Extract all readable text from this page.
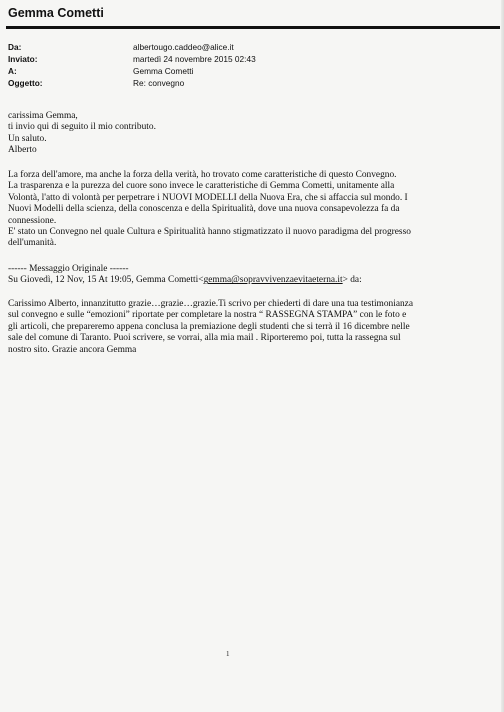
Gemma Cometti
Da:	albertougo.caddeo@alice.it
Inviato:	martedì 24 novembre 2015 02:43
A:	Gemma Cometti
Oggetto:	Re: convegno
carissima Gemma,
ti invio qui di seguito il mio contributo.
Un saluto.
Alberto
La forza dell'amore, ma anche la forza della verità, ho trovato come caratteristiche di questo Convegno.
La trasparenza e la purezza del cuore sono invece le caratteristiche di Gemma Cometti, unitamente alla
Volontà, l'atto di volontà per perpetrare i NUOVI MODELLI della Nuova Era, che si affaccia sul mondo. I
Nuovi Modelli della scienza, della conoscenza e della Spiritualità, dove una nuova consapevolezza fa da
connessione.
E' stato un Convegno nel quale Cultura e Spiritualità hanno stigmatizzato il nuovo paradigma del progresso
dell'umanità.
------ Messaggio Originale ------
Su Giovedì, 12 Nov, 15 At 19:05, Gemma Cometti<gemma@sopravvivenzaevitaeterna.it> da:
Carissimo Alberto, innanzitutto grazie…grazie…grazie.Ti scrivo per chiederti di dare una tua testimonianza
sul convegno e sulle “emozioni” riportate per completare la nostra “ RASSEGNA STAMPA” con le foto e
gli articoli, che prepareremo appena conclusa la premiazione degli studenti che si terrà il 16 dicembre nelle
sale del comune di Taranto. Puoi scrivere, se vorrai, alla mia mail . Riporteremo poi, tutta la rassegna sul
nostro sito. Grazie ancora Gemma
1
